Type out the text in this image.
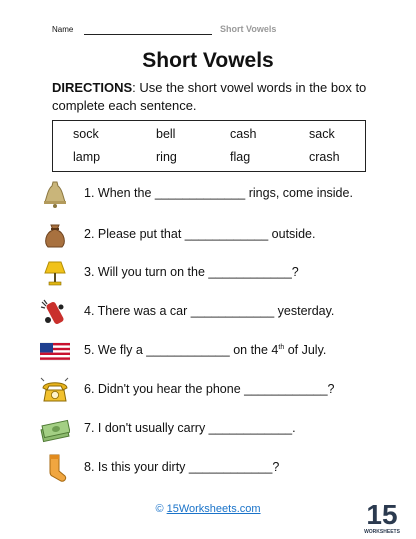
Name	Short Vowels
Short Vowels
DIRECTIONS: Use the short vowel words in the box to complete each sentence.
sock	bell	cash	sack
lamp	ring	flag	crash
1. When the _____________ rings, come inside.
2. Please put that ____________ outside.
3. Will you turn on the ____________?
4. There was a car ____________ yesterday.
5. We fly a ____________ on the 4th of July.
6. Didn't you hear the phone ____________?
7. I don't usually carry ____________.
8. Is this your dirty ____________?
© 15Worksheets.com	15
WORKSHEETS
